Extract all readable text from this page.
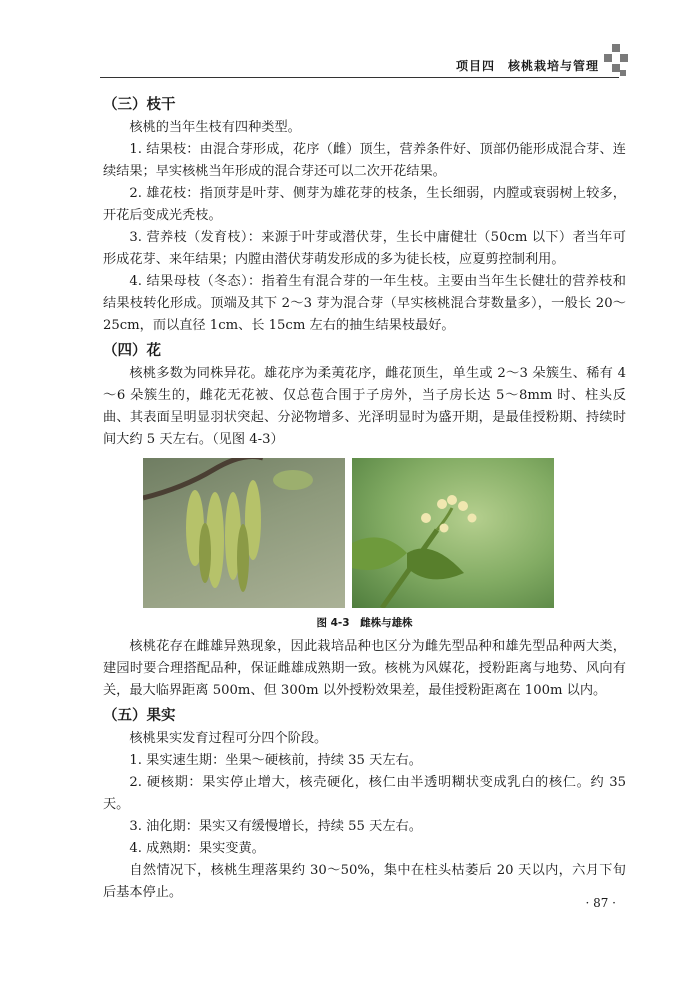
项目四　核桃栽培与管理
（三）枝干

核桃的当年生枝有四种类型。

1. 结果枝：由混合芽形成，花序（雌）顶生，营养条件好、顶部仍能形成混合芽、连续结果；早实核桃当年形成的混合芽还可以二次开花结果。

2. 雄花枝：指顶芽是叶芽、侧芽为雄花芽的枝条，生长细弱，内膛或衰弱树上较多，开花后变成光秃枝。

3. 营养枝（发育枝）：来源于叶芽或潜伏芽，生长中庸健壮（50cm 以下）者当年可形成花芽、来年结果；内膛由潜伏芽萌发形成的多为徒长枝，应夏剪控制利用。

4. 结果母枝（冬态）：指着生有混合芽的一年生枝。主要由当年生长健壮的营养枝和结果枝转化形成。顶端及其下 2～3 芽为混合芽（早实核桃混合芽数量多），一般长 20～25cm，而以直径 1cm、长 15cm 左右的抽生结果枝最好。

（四）花

核桃多数为同株异花。雄花序为柔荑花序，雌花顶生，单生或 2～3 朵簇生、稀有 4～6 朵簇生的，雌花无花被、仅总苞合围于子房外，当子房长达 5～8mm 时、柱头反曲、其表面呈明显羽状突起、分泌物增多、光泽明显时为盛开期，是最佳授粉期、持续时间大约 5 天左右。（见图 4-3）

图 4-3　雌株与雄株

核桃花存在雌雄异熟现象，因此栽培品种也区分为雌先型品种和雄先型品种两大类，建园时要合理搭配品种，保证雌雄成熟期一致。核桃为风媒花，授粉距离与地势、风向有关，最大临界距离 500m、但 300m 以外授粉效果差，最佳授粉距离在 100m 以内。

（五）果实

核桃果实发育过程可分四个阶段。

1. 果实速生期：坐果～硬核前，持续 35 天左右。

2. 硬核期：果实停止增大，核壳硬化，核仁由半透明糊状变成乳白的核仁。约 35 天。

3. 油化期：果实又有缓慢增长，持续 55 天左右。

4. 成熟期：果实变黄。

自然情况下，核桃生理落果约 30～50%，集中在柱头枯萎后 20 天以内，六月下旬后基本停止。

· 87 ·
